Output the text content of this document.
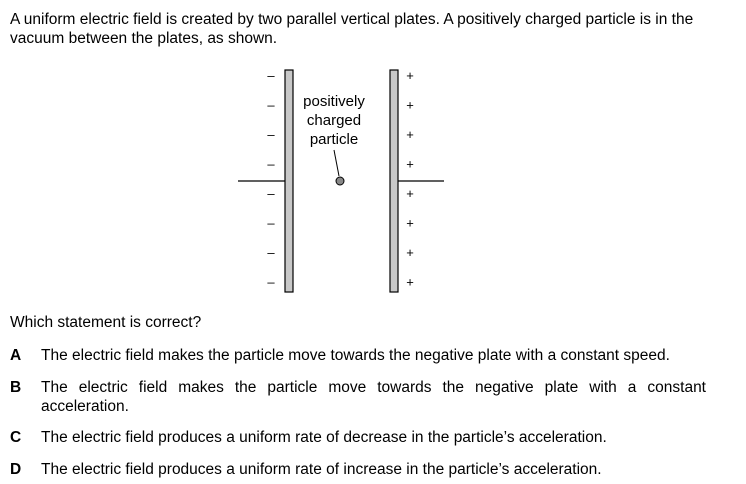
A uniform electric field is created by two parallel vertical plates. A positively charged particle is in the vacuum between the plates, as shown.
positively
charged
particle
–
–
–
–
–
–
–
–
+
+
+
+
+
+
+
+
Which statement is correct?
A	The electric field makes the particle move towards the negative plate with a constant speed.
B	The electric field makes the particle move towards the negative plate with a constant acceleration.
C	The electric field produces a uniform rate of decrease in the particle’s acceleration.
D	The electric field produces a uniform rate of increase in the particle’s acceleration.
